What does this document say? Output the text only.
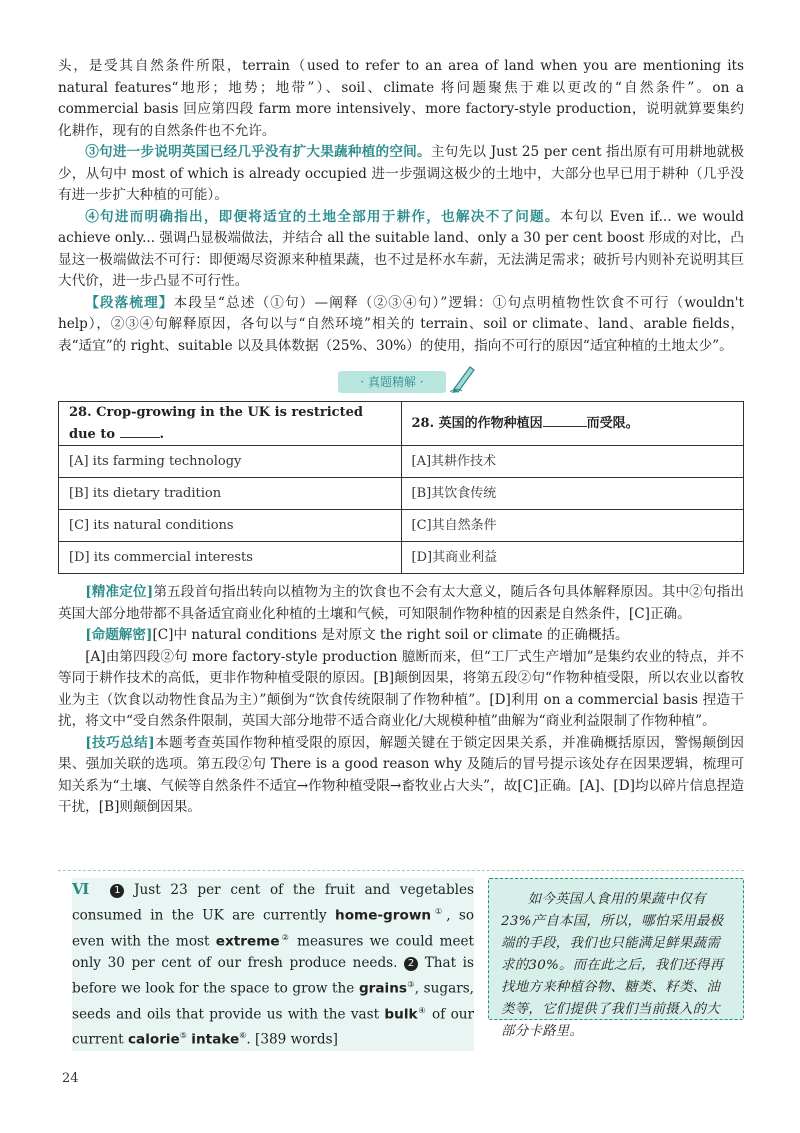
头，是受其自然条件所限，terrain（used to refer to an area of land when you are mentioning its natural features“地形；地势；地带”）、soil、climate 将问题聚焦于难以更改的“自然条件”。on a commercial basis 回应第四段 farm more intensively、more factory-style production，说明就算要集约化耕作，现有的自然条件也不允许。

③句进一步说明英国已经几乎没有扩大果蔬种植的空间。主句先以 Just 25 per cent 指出原有可用耕地就极少，从句中 most of which is already occupied 进一步强调这极少的土地中，大部分也早已用于耕种（几乎没有进一步扩大种植的可能）。

④句进而明确指出，即便将适宜的土地全部用于耕作，也解决不了问题。本句以 Even if... we would achieve only... 强调凸显极端做法，并结合 all the suitable land、only a 30 per cent boost 形成的对比，凸显这一极端做法不可行：即便竭尽资源来种植果蔬，也不过是杯水车薪，无法满足需求；破折号内则补充说明其巨大代价，进一步凸显不可行性。

【段落梳理】本段呈“总述（①句）—阐释（②③④句）”逻辑：①句点明植物性饮食不可行（wouldn't help），②③④句解释原因，各句以与“自然环境”相关的 terrain、soil or climate、land、arable fields，表“适宜”的 right、suitable 以及具体数据（25%、30%）的使用，指向不可行的原因“适宜种植的土地太少”。

· 真题精解 ·
28. Crop-growing in the UK is restricted due to .	28. 英国的作物种植因 而受限。
[A] its farming technology	[A]其耕作技术
[B] its dietary tradition	[B]其饮食传统
[C] its natural conditions	[C]其自然条件
[D] its commercial interests	[D]其商业利益

[精准定位]第五段首句指出转向以植物为主的饮食也不会有太大意义，随后各句具体解释原因。其中②句指出英国大部分地带都不具备适宜商业化种植的土壤和气候，可知限制作物种植的因素是自然条件，[C]正确。

[命题解密][C]中 natural conditions 是对原文 the right soil or climate 的正确概括。

[A]由第四段②句 more factory-style production 臆断而来，但“工厂式生产增加”是集约农业的特点，并不等同于耕作技术的高低，更非作物种植受限的原因。[B]颠倒因果，将第五段②句“作物种植受限，所以农业以畜牧业为主（饮食以动物性食品为主）”颠倒为“饮食传统限制了作物种植”。[D]利用 on a commercial basis 捏造干扰，将文中“受自然条件限制，英国大部分地带不适合商业化/大规模种植”曲解为“商业利益限制了作物种植”。

[技巧总结]本题考查英国作物种植受限的原因，解题关键在于锁定因果关系，并准确概括原因，警惕颠倒因果、强加关联的选项。第五段②句 There is a good reason why 及随后的冒号提示该处存在因果逻辑，梳理可知关系为“土壤、气候等自然条件不适宜→作物种植受限→畜牧业占大头”，故[C]正确。[A]、[D]均以碎片信息捏造干扰，[B]则颠倒因果。

Ⅵ 1 Just 23 per cent of the fruit and vegetables consumed in the UK are currently home-grown①, so even with the most extreme② measures we could meet only 30 per cent of our fresh produce needs. 2 That is before we look for the space to grow the grains③, sugars, seeds and oils that provide us with the vast bulk④ of our current calorie⑤ intake⑥. [389 words]
如今英国人食用的果蔬中仅有23%产自本国，所以，哪怕采用最极端的手段，我们也只能满足鲜果蔬需求的30%。而在此之后，我们还得再找地方来种植谷物、糖类、籽类、油类等，它们提供了我们当前摄入的大部分卡路里。
24
